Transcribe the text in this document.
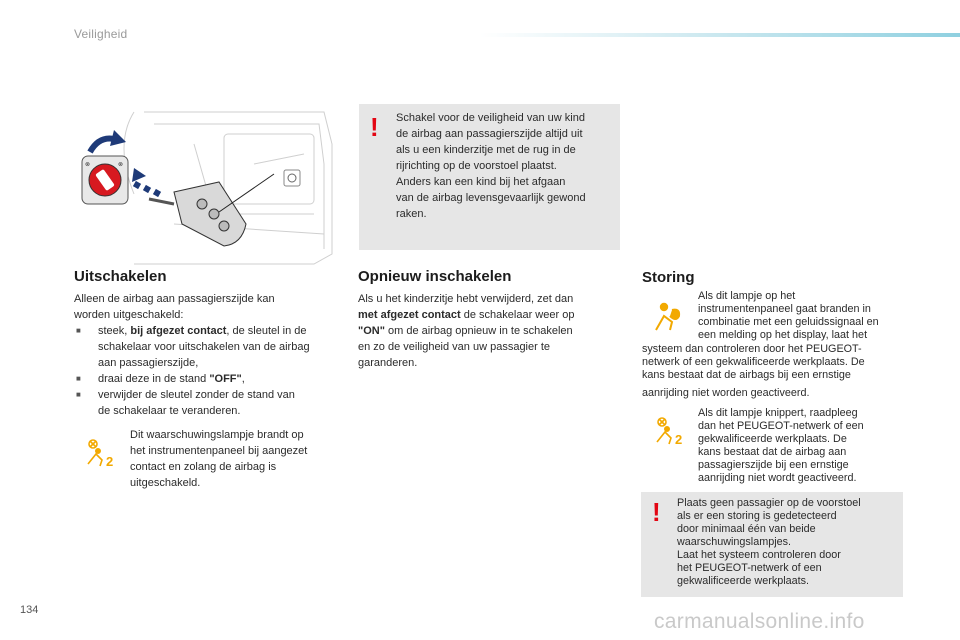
Veiligheid
⊗	⊗
! Schakel voor de veiligheid van uw kind
de airbag aan passagierszijde altijd uit
als u een kinderzitje met de rug in de
rijrichting op de voorstoel plaatst.
Anders kan een kind bij het afgaan
van de airbag levensgevaarlijk gewond
raken.
Uitschakelen
Alleen de airbag aan passagierszijde kan
worden uitgeschakeld:
■ steek, bij afgezet contact, de sleutel in de
schakelaar voor uitschakelen van de airbag
aan passagierszijde,
■ draai deze in de stand "OFF",
■ verwijder de sleutel zonder de stand van
de schakelaar te veranderen.
2
Dit waarschuwingslampje brandt op
het instrumentenpaneel bij aangezet
contact en zolang de airbag is
uitgeschakeld.
Opnieuw inschakelen
Als u het kinderzitje hebt verwijderd, zet dan
met afgezet contact de schakelaar weer op
"ON" om de airbag opnieuw in te schakelen
en zo de veiligheid van uw passagier te
garanderen.
Storing
Als dit lampje op het
instrumentenpaneel gaat branden in
combinatie met een geluidssignaal en
een melding op het display, laat het
systeem dan controleren door het PEUGEOT-
netwerk of een gekwalificeerde werkplaats. De
kans bestaat dat de airbags bij een ernstige
aanrijding niet worden geactiveerd.
2
Als dit lampje knippert, raadpleeg
dan het PEUGEOT-netwerk of een
gekwalificeerde werkplaats. De
kans bestaat dat de airbag aan
passagierszijde bij een ernstige
aanrijding niet wordt geactiveerd.
! Plaats geen passagier op de voorstoel
als er een storing is gedetecteerd
door minimaal één van beide
waarschuwingslampjes.
Laat het systeem controleren door
het PEUGEOT-netwerk of een
gekwalificeerde werkplaats.
134	carmanualsonline.info
